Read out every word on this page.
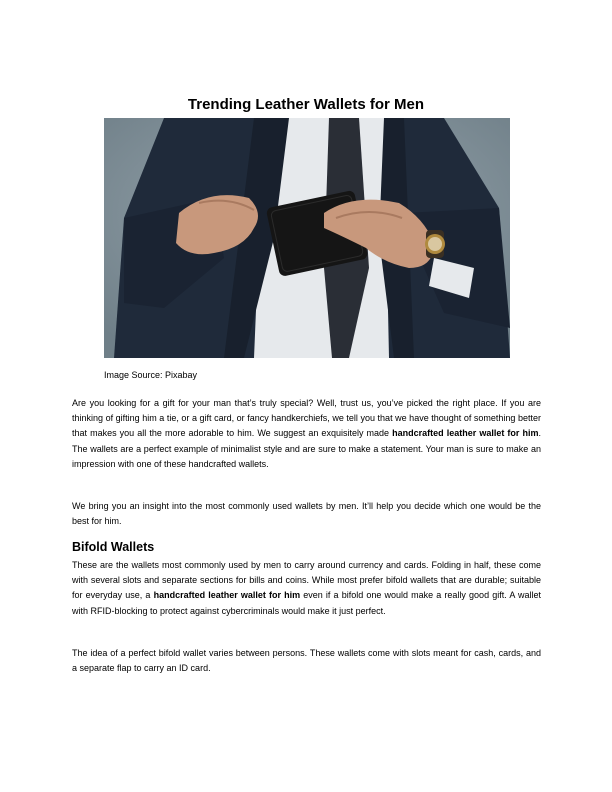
Trending Leather Wallets for Men
Image Source: Pixabay

Are you looking for a gift for your man that’s truly special? Well, trust us, you’ve picked the right place. If you are thinking of gifting him a tie, or a gift card, or fancy handkerchiefs, we tell you that we have thought of something better that makes you all the more adorable to him. We suggest an exquisitely made handcrafted leather wallet for him. The wallets are a perfect example of minimalist style and are sure to make a statement. Your man is sure to make an impression with one of these handcrafted wallets.

We bring you an insight into the most commonly used wallets by men. It’ll help you decide which one would be the best for him.

Bifold Wallets

These are the wallets most commonly used by men to carry around currency and cards. Folding in half, these come with several slots and separate sections for bills and coins. While most prefer bifold wallets that are durable; suitable for everyday use, a handcrafted leather wallet for him even if a bifold one would make a really good gift. A wallet with RFID-blocking to protect against cybercriminals would make it just perfect.

The idea of a perfect bifold wallet varies between persons. These wallets come with slots meant for cash, cards, and a separate flap to carry an ID card.
